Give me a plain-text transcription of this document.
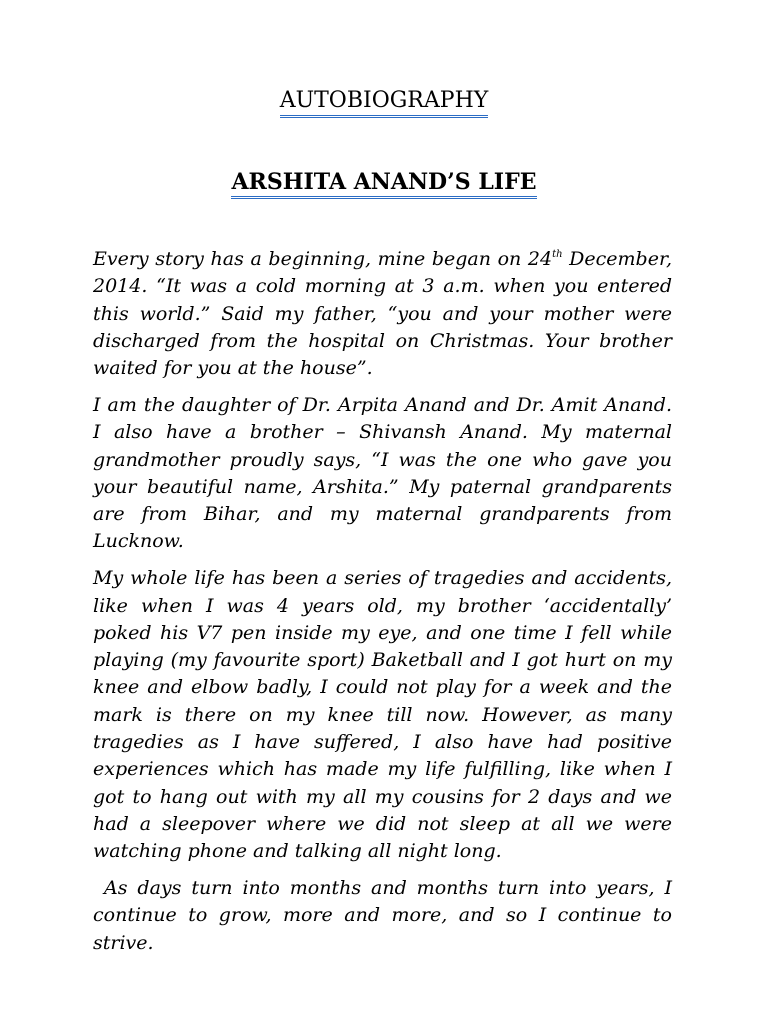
AUTOBIOGRAPHY
ARSHITA ANAND’S LIFE

Every story has a beginning, mine began on 24th December, 2014. “It was a cold morning at 3 a.m. when you entered this world.” Said my father, “you and your mother were discharged from the hospital on Christmas. Your brother waited for you at the house”.

I am the daughter of Dr. Arpita Anand and Dr. Amit Anand. I also have a brother – Shivansh Anand. My maternal grandmother proudly says, “I was the one who gave you your beautiful name, Arshita.” My paternal grandparents are from Bihar, and my maternal grandparents from Lucknow.

My whole life has been a series of tragedies and accidents, like when I was 4 years old, my brother ‘accidentally’ poked his V7 pen inside my eye, and one time I fell while playing (my favourite sport) Baketball and I got hurt on my knee and elbow badly, I could not play for a week and the mark is there on my knee till now. However, as many tragedies as I have suffered, I also have had positive experiences which has made my life fulfilling, like when I got to hang out with my all my cousins for 2 days and we had a sleepover where we did not sleep at all we were watching phone and talking all night long.

As days turn into months and months turn into years, I continue to grow, more and more, and so I continue to strive.
